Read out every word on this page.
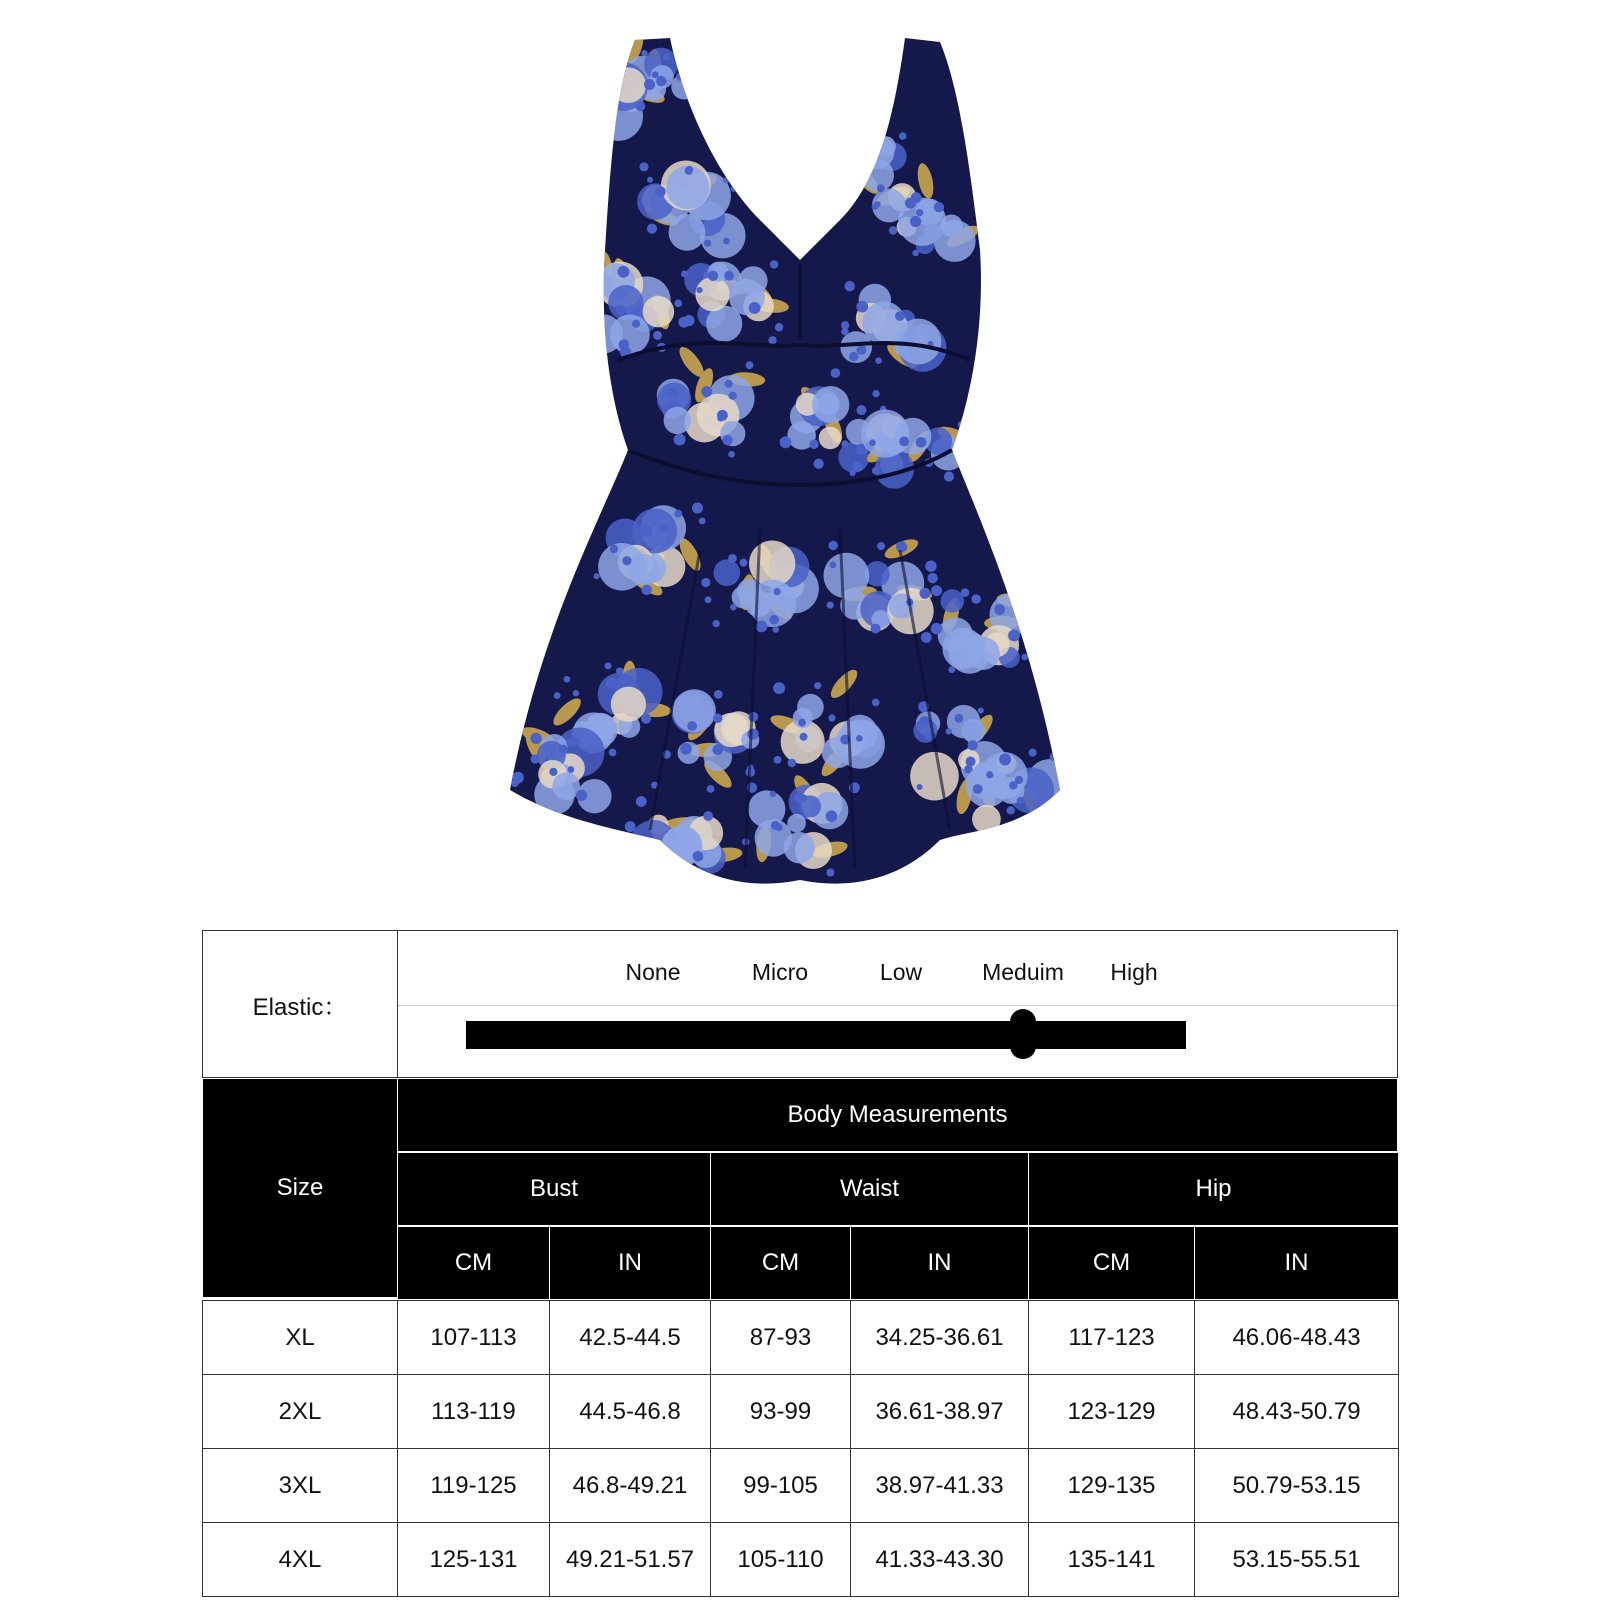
Elastic：
None	Micro	Low	Meduim High
Size
Body Measurements
Bust	Waist	Hip
CM	IN	CM	IN	CM	IN
XL	107-113	42.5-44.5	87-93	34.25-36.61	117-123	46.06-48.43
2XL	113-119	44.5-46.8	93-99	36.61-38.97	123-129	48.43-50.79
3XL	119-125 46.8-49.21 99-105 38.97-41.33	129-135	50.79-53.15
4XL	125-131 49.21-51.57 105-110 41.33-43.30	135-141	53.15-55.51
